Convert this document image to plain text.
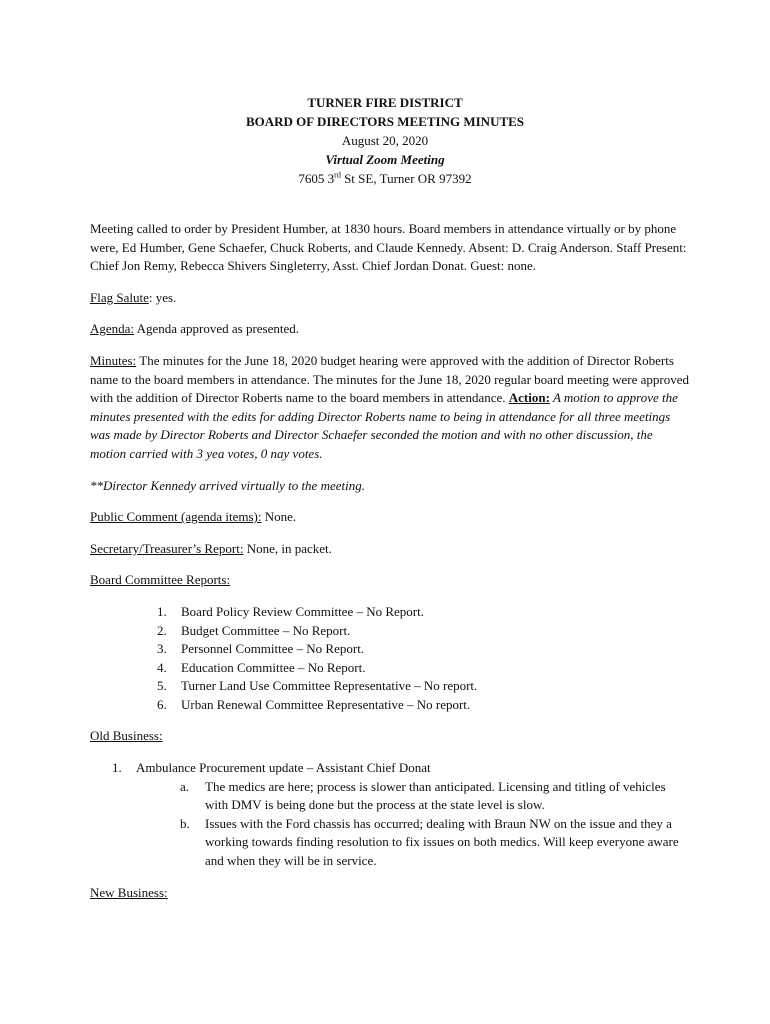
TURNER FIRE DISTRICT
BOARD OF DIRECTORS MEETING MINUTES
August 20, 2020
Virtual Zoom Meeting
7605 3rd St SE, Turner OR 97392

Meeting called to order by President Humber, at 1830 hours. Board members in attendance virtually or by phone were, Ed Humber, Gene Schaefer, Chuck Roberts, and Claude Kennedy. Absent: D. Craig Anderson. Staff Present: Chief Jon Remy, Rebecca Shivers Singleterry, Asst. Chief Jordan Donat. Guest: none.

Flag Salute: yes.

Agenda: Agenda approved as presented.

Minutes: The minutes for the June 18, 2020 budget hearing were approved with the addition of Director Roberts name to the board members in attendance. The minutes for the June 18, 2020 regular board meeting were approved with the addition of Director Roberts name to the board members in attendance. Action: A motion to approve the minutes presented with the edits for adding Director Roberts name to being in attendance for all three meetings was made by Director Roberts and Director Schaefer seconded the motion and with no other discussion, the motion carried with 3 yea votes, 0 nay votes.

**Director Kennedy arrived virtually to the meeting.

Public Comment (agenda items): None.

Secretary/Treasurer’s Report: None, in packet.

Board Committee Reports:

1. Board Policy Review Committee – No Report.
2. Budget Committee – No Report.
3. Personnel Committee – No Report.
4. Education Committee – No Report.
5. Turner Land Use Committee Representative – No report.
6. Urban Renewal Committee Representative – No report.

Old Business:

1. Ambulance Procurement update – Assistant Chief Donat
a. The medics are here; process is slower than anticipated. Licensing and titling of vehicles with DMV is being done but the process at the state level is slow.
b. Issues with the Ford chassis has occurred; dealing with Braun NW on the issue and they a working towards finding resolution to fix issues on both medics. Will keep everyone aware and when they will be in service.

New Business:
